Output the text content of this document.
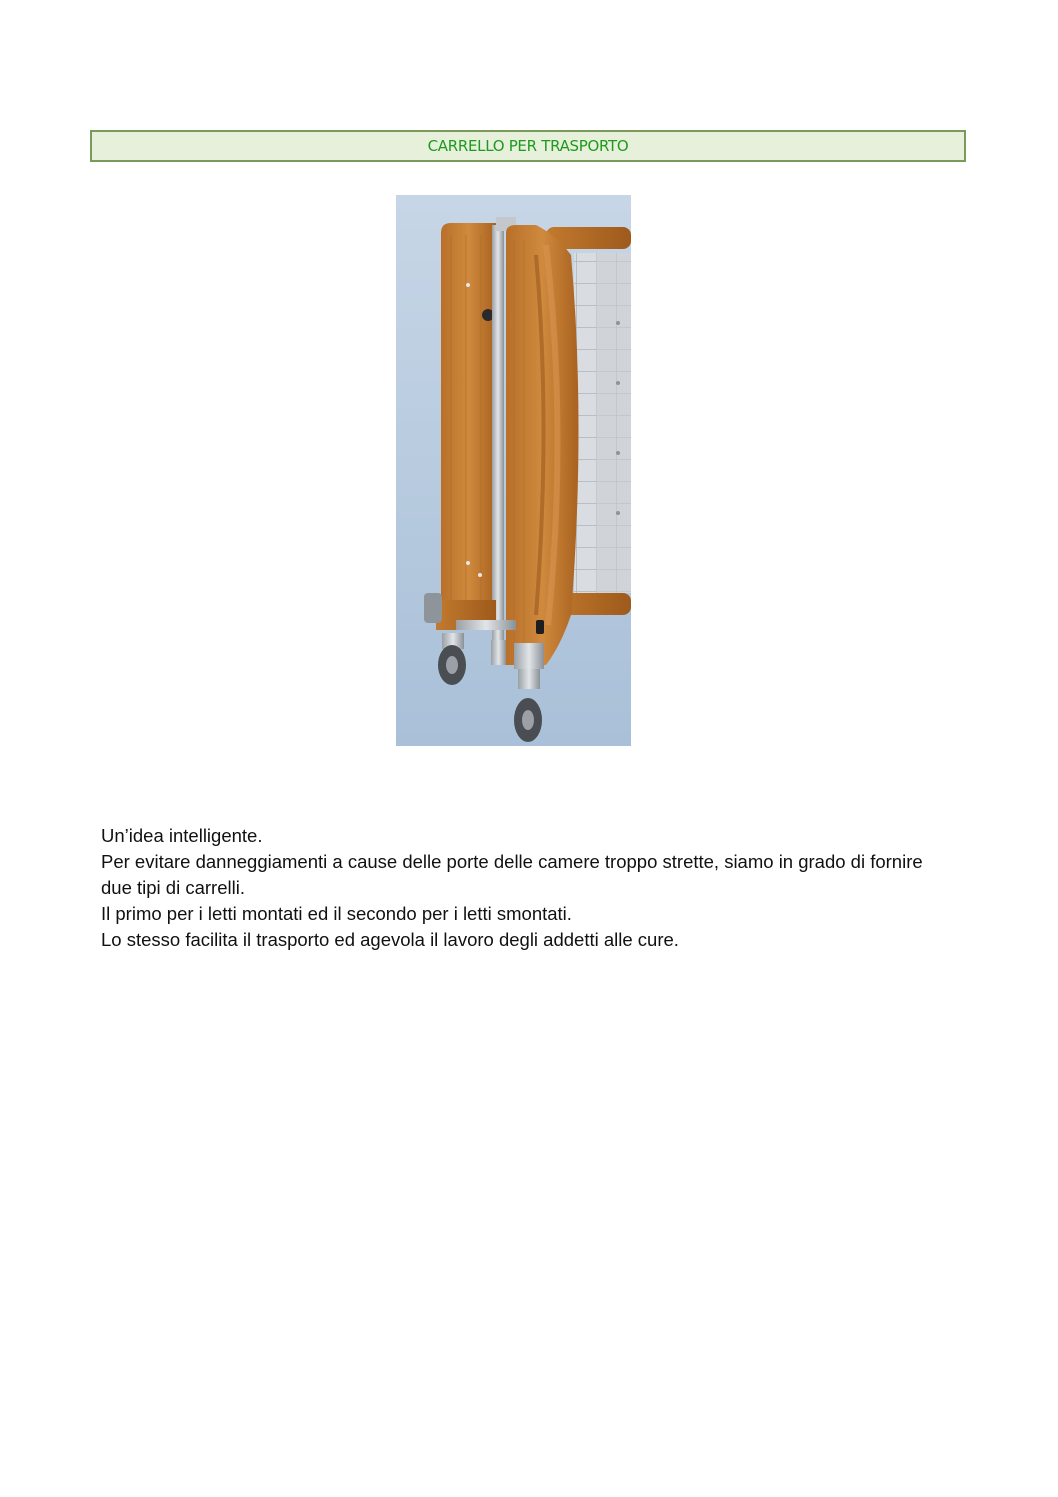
CARRELLO PER TRASPORTO

Un’idea intelligente.

Per evitare danneggiamenti a cause delle porte delle camere troppo strette, siamo in grado di fornire due tipi di carrelli.

Il primo per i letti montati ed il secondo per i letti smontati.

Lo stesso facilita il trasporto ed agevola il lavoro degli addetti alle cure.
